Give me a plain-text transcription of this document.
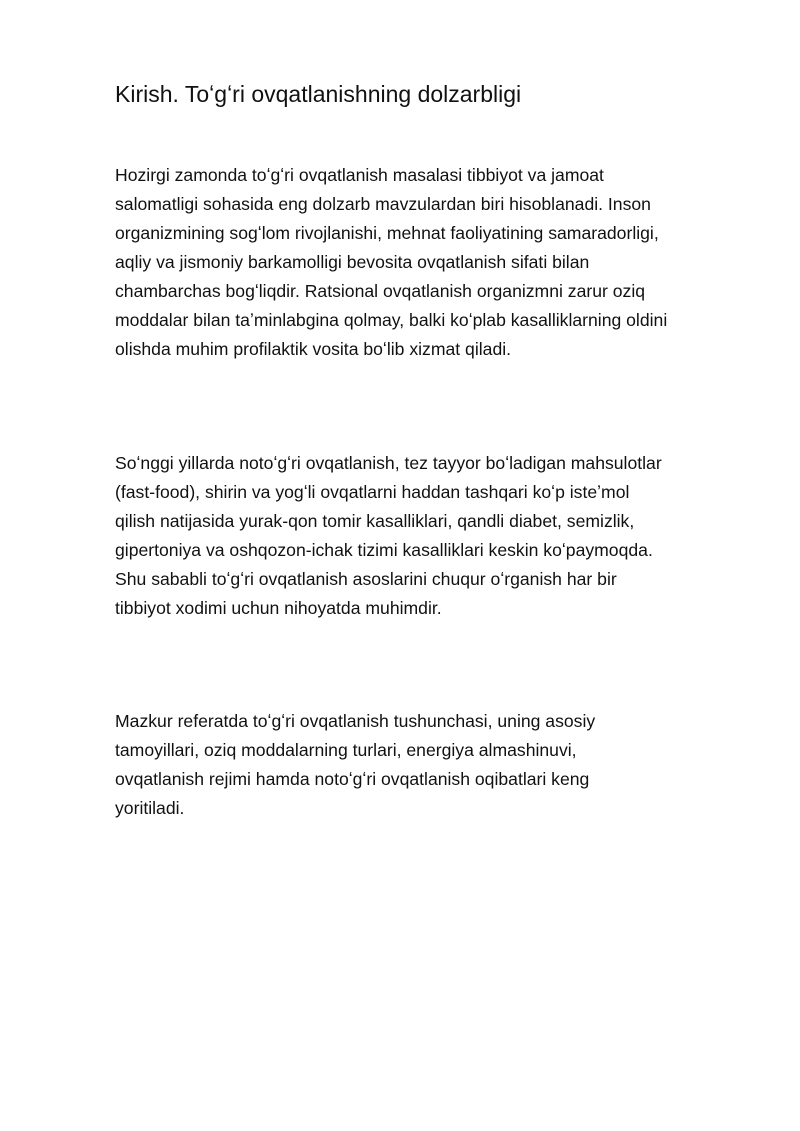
Kirish. Toʻgʻri ovqatlanishning dolzarbligi
Hozirgi zamonda toʻgʻri ovqatlanish masalasi tibbiyot va jamoat
salomatligi sohasida eng dolzarb mavzulardan biri hisoblanadi. Inson
organizmining sogʻlom rivojlanishi, mehnat faoliyatining samaradorligi,
aqliy va jismoniy barkamolligi bevosita ovqatlanish sifati bilan
chambarchas bogʻliqdir. Ratsional ovqatlanish organizmni zarur oziq
moddalar bilan taʼminlabgina qolmay, balki koʻplab kasalliklarning oldini
olishda muhim profilaktik vosita boʻlib xizmat qiladi.
Soʻnggi yillarda notoʻgʻri ovqatlanish, tez tayyor boʻladigan mahsulotlar
(fast-food), shirin va yogʻli ovqatlarni haddan tashqari koʻp isteʼmol
qilish natijasida yurak-qon tomir kasalliklari, qandli diabet, semizlik,
gipertoniya va oshqozon-ichak tizimi kasalliklari keskin koʻpaymoqda.
Shu sababli toʻgʻri ovqatlanish asoslarini chuqur oʻrganish har bir
tibbiyot xodimi uchun nihoyatda muhimdir.
Mazkur referatda toʻgʻri ovqatlanish tushunchasi, uning asosiy
tamoyillari, oziq moddalarning turlari, energiya almashinuvi,
ovqatlanish rejimi hamda notoʻgʻri ovqatlanish oqibatlari keng
yoritiladi.
